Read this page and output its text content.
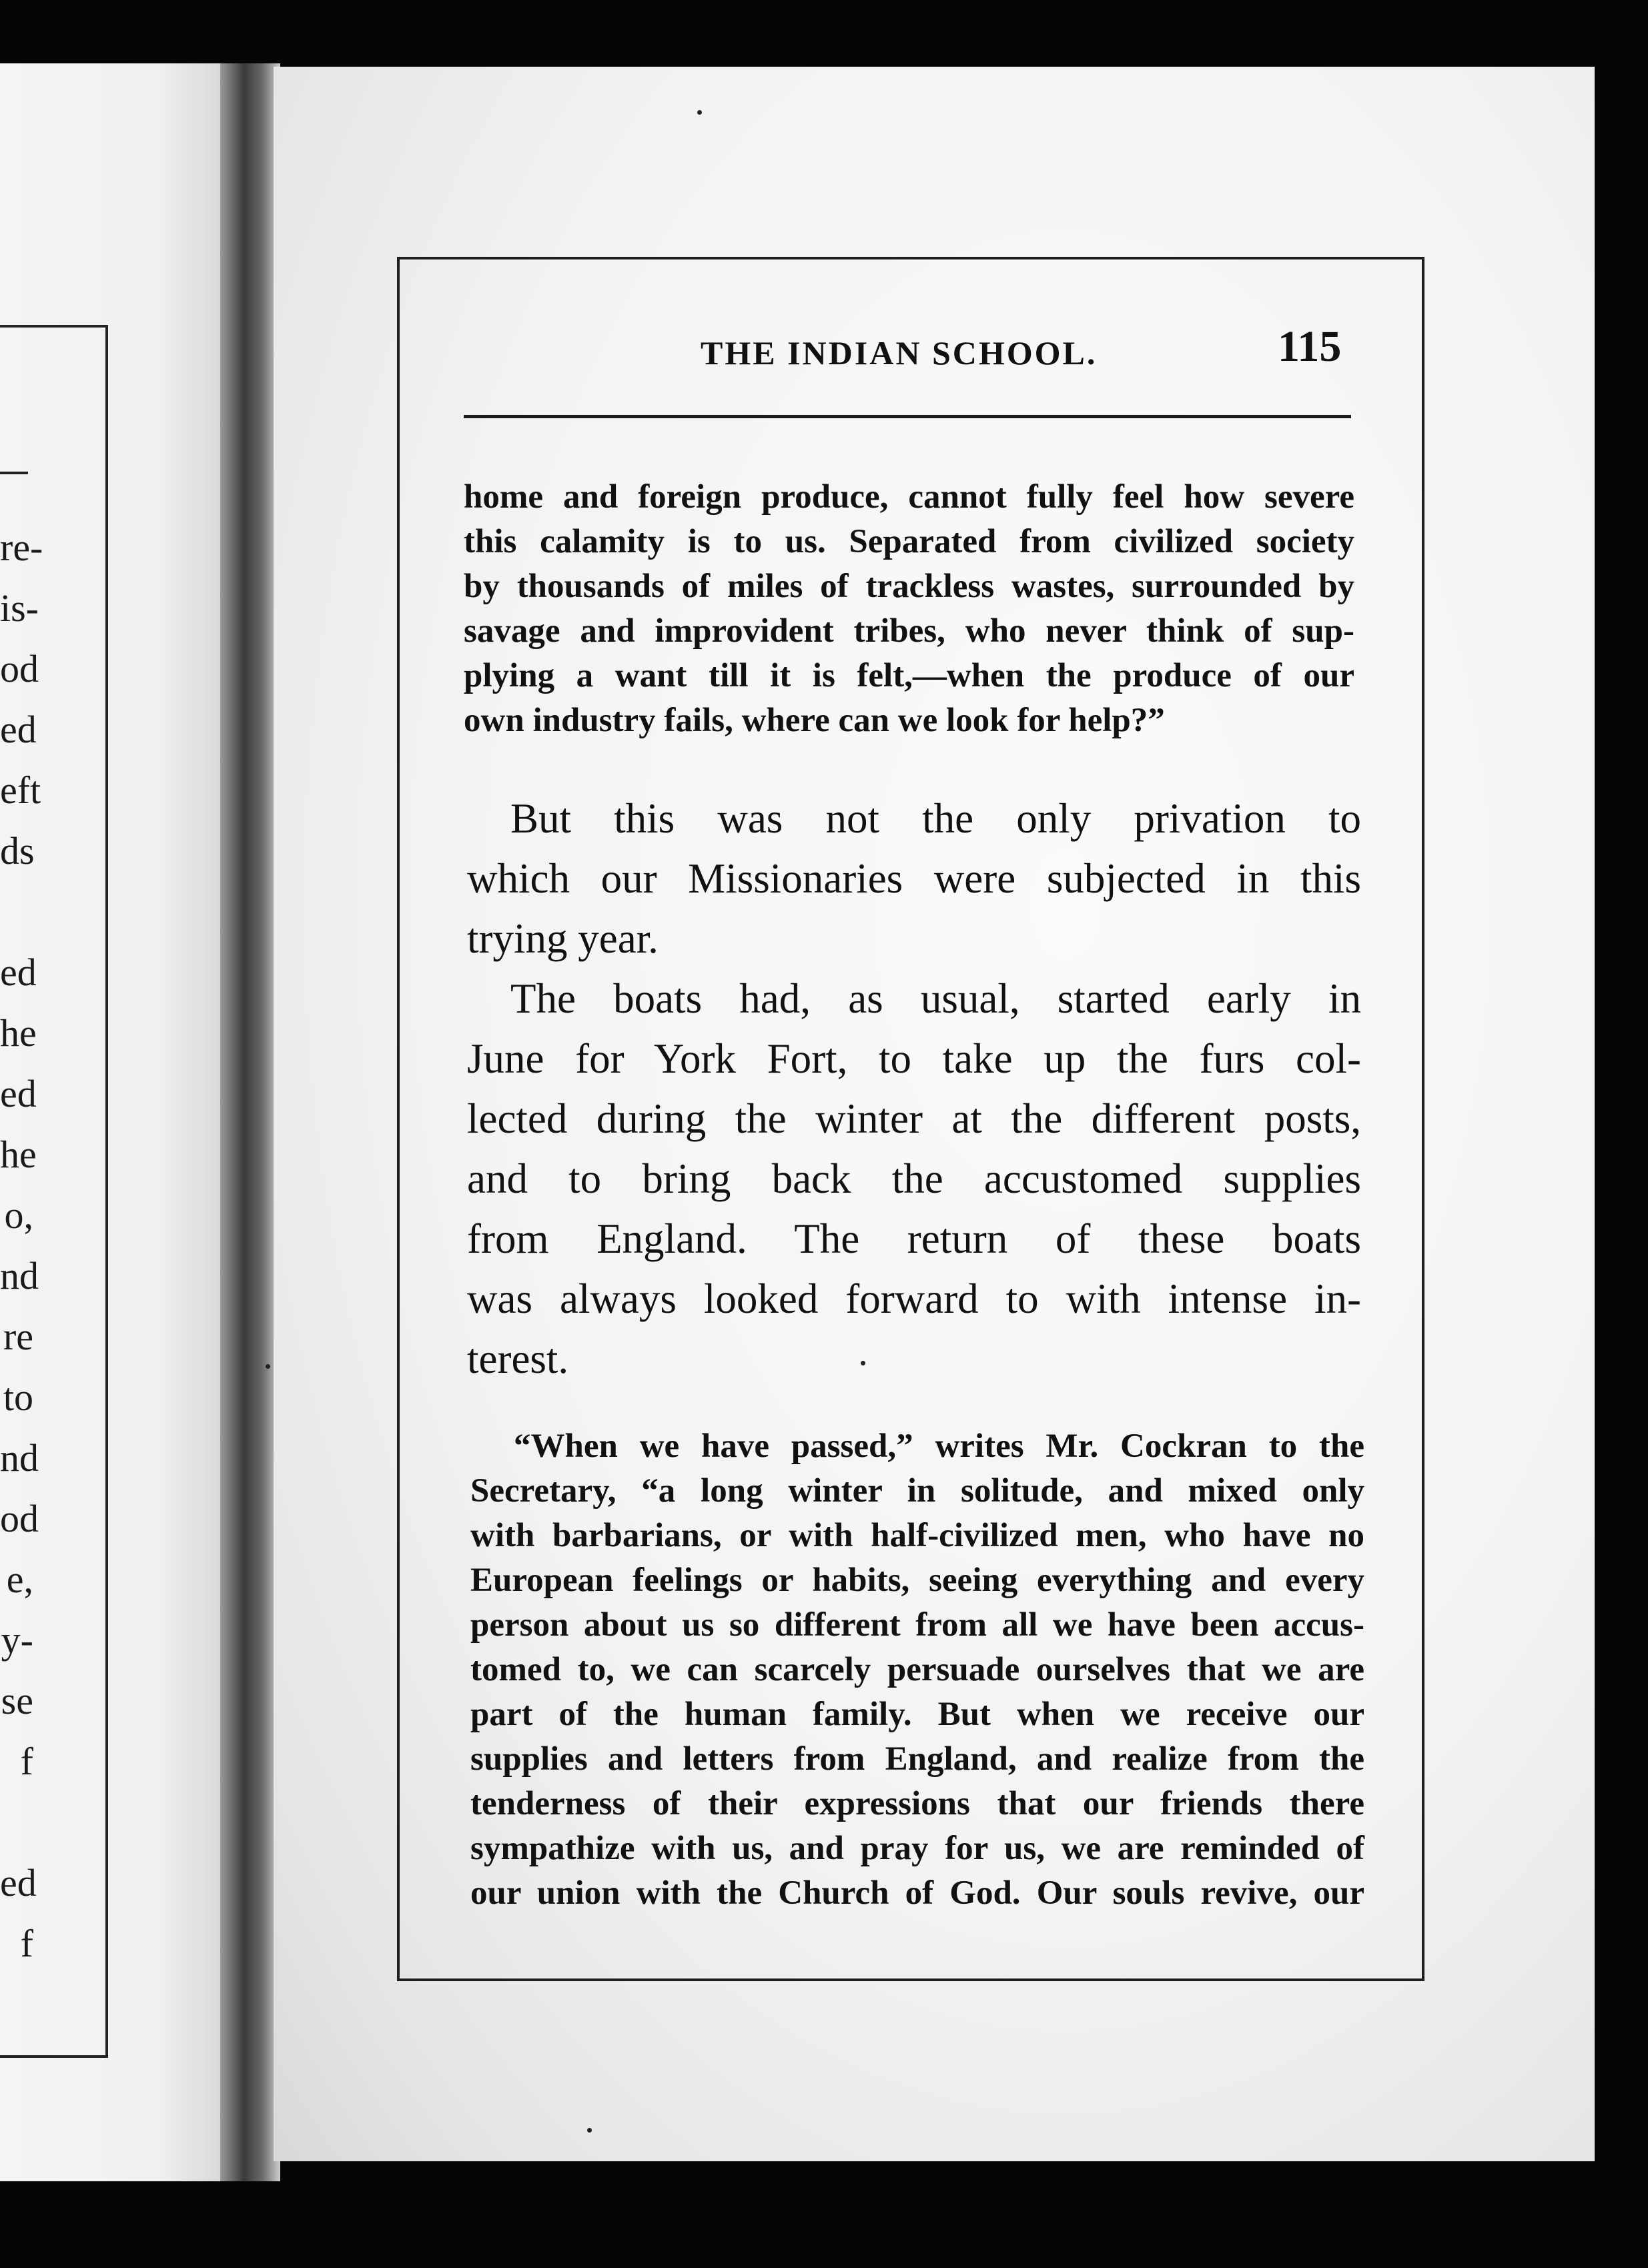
re-
is-
od
ed
eft
ds
ed
he
ed
he
o,
nd
re
to
nd
od
e,
y-
se
f
ed
f
THE INDIAN SCHOOL.	115
home and foreign produce, cannot fully feel how severe
this calamity is to us. Separated from civilized society
by thousands of miles of trackless wastes, surrounded by
savage and improvident tribes, who never think of sup-
plying a want till it is felt,—when the produce of our
own industry fails, where can we look for help?”
But this was not the only privation to
which our Missionaries were subjected in this
trying year.
The boats had, as usual, started early in
June for York Fort, to take up the furs col-
lected during the winter at the different posts,
and to bring back the accustomed supplies
from England. The return of these boats
was always looked forward to with intense in-
terest.
“When we have passed,” writes Mr. Cockran to the
Secretary, “a long winter in solitude, and mixed only
with barbarians, or with half-civilized men, who have no
European feelings or habits, seeing everything and every
person about us so different from all we have been accus-
tomed to, we can scarcely persuade ourselves that we are
part of the human family. But when we receive our
supplies and letters from England, and realize from the
tenderness of their expressions that our friends there
sympathize with us, and pray for us, we are reminded of
our union with the Church of God. Our souls revive, our
